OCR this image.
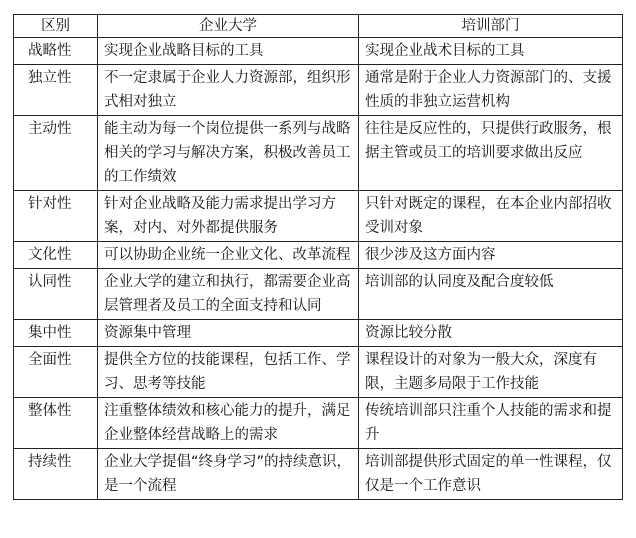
区别	企业大学	培训部门
战略性	实现企业战略目标的工具	实现企业战术目标的工具
独立性	不一定隶属于企业人力资源部，组织形式相对独立	通常是附于企业人力资源部门的、支援性质的非独立运营机构
主动性	能主动为每一个岗位提供一系列与战略相关的学习与解决方案，积极改善员工的工作绩效	往往是反应性的，只提供行政服务，根据主管或员工的培训要求做出反应
针对性	针对企业战略及能力需求提出学习方案，对内、对外都提供服务	只针对既定的课程，在本企业内部招收受训对象
文化性	可以协助企业统一企业文化、改革流程	很少涉及这方面内容
认同性	企业大学的建立和执行，都需要企业高层管理者及员工的全面支持和认同	培训部的认同度及配合度较低
集中性	资源集中管理	资源比较分散
全面性	提供全方位的技能课程，包括工作、学习、思考等技能	课程设计的对象为一般大众，深度有限，主题多局限于工作技能
整体性	注重整体绩效和核心能力的提升，满足企业整体经营战略上的需求	传统培训部只注重个人技能的需求和提升
持续性	企业大学提倡“终身学习”的持续意识，是一个流程	培训部提供形式固定的单一性课程，仅仅是一个工作意识
